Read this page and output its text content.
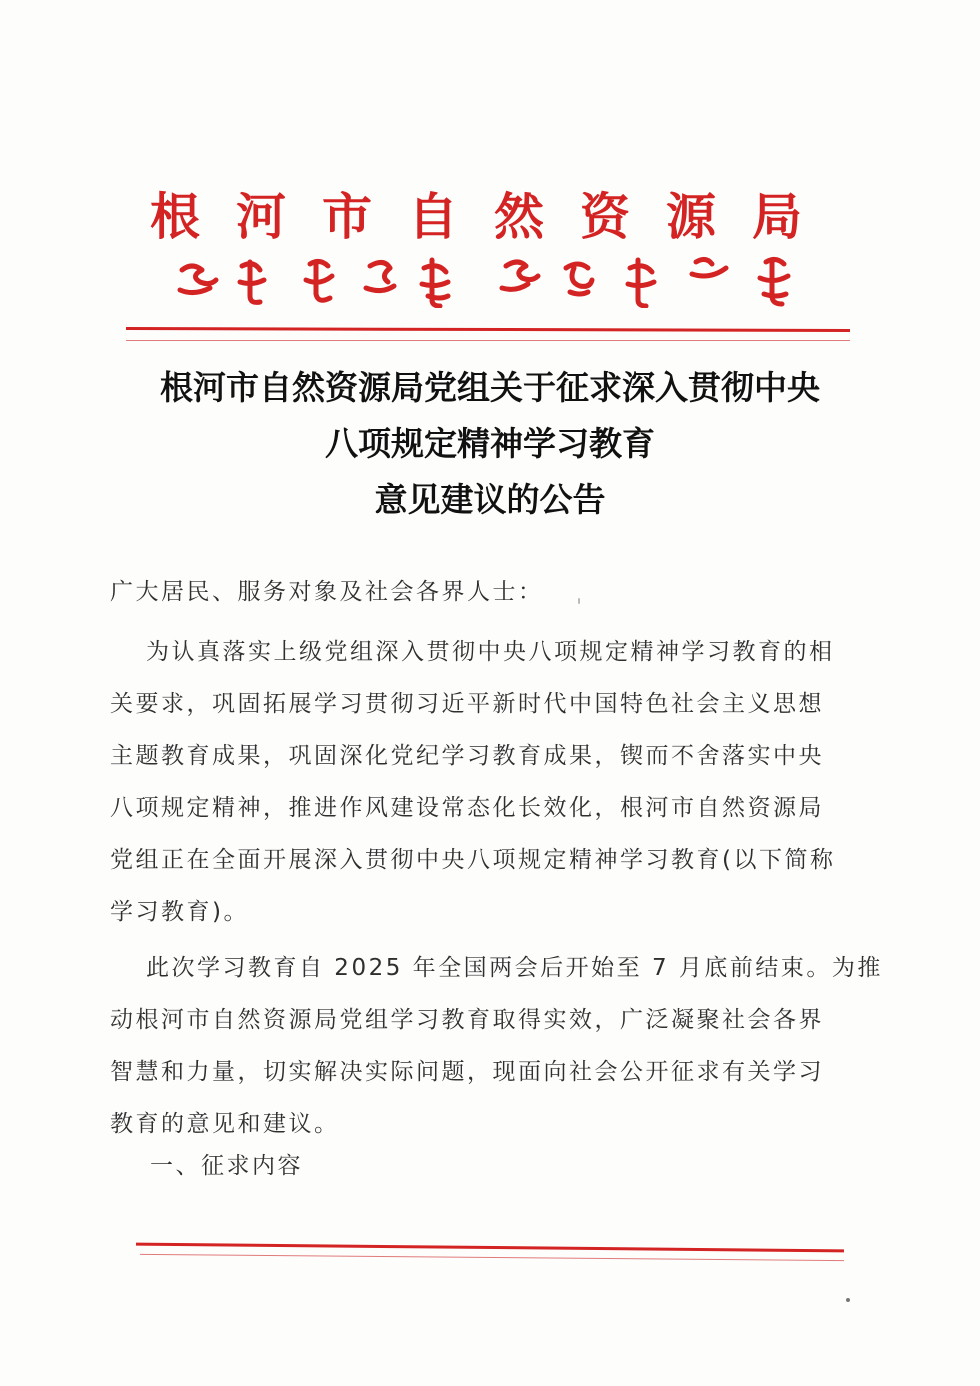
根河市自然资源局
根河市自然资源局党组关于征求深入贯彻中央
八项规定精神学习教育
意见建议的公告
广大居民、服务对象及社会各界人士：
为认真落实上级党组深入贯彻中央八项规定精神学习教育的相
关要求，巩固拓展学习贯彻习近平新时代中国特色社会主义思想
主题教育成果，巩固深化党纪学习教育成果，锲而不舍落实中央
八项规定精神，推进作风建设常态化长效化，根河市自然资源局
党组正在全面开展深入贯彻中央八项规定精神学习教育(以下简称
学习教育)。
此次学习教育自 2025 年全国两会后开始至 7 月底前结束。为推
动根河市自然资源局党组学习教育取得实效，广泛凝聚社会各界
智慧和力量，切实解决实际问题，现面向社会公开征求有关学习
教育的意见和建议。
一、征求内容
